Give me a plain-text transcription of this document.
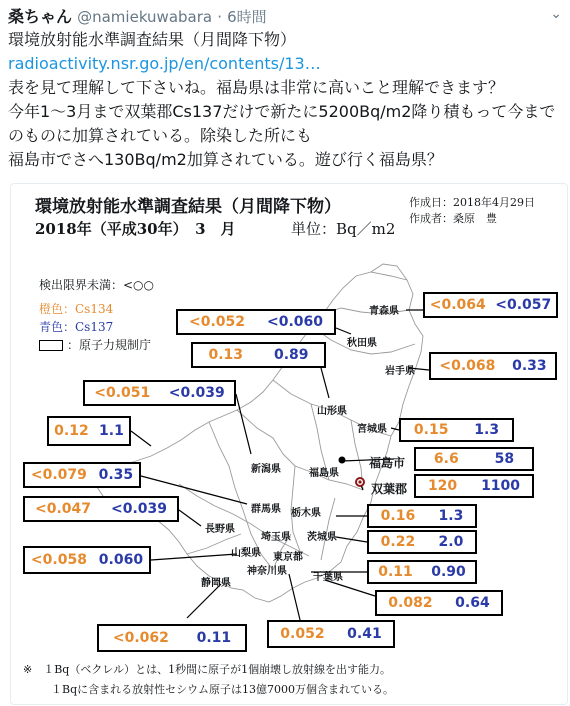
桑ちゃん @namiekuwabara · 6時間	⌄

環境放射能水準調査結果（月間降下物） radioactivity.nsr.go.jp/en/contents/13…

表を見て理解して下さいね。福島県は非常に高いこと理解できます？

今年1～3月まで双葉郡Cs137だけで新たに5200Bq/m2降り積もって今までのものに加算されている。除染した所にも

福島市でさへ130Bq/m2加算されている。遊び行く福島県？

環境放射能水準調査結果（月間降下物）
2018年（平成30年）　3　月	単位：Bq／m2
作成日：2018年4月29日
作成者：桑原　豊
検出限界未満：<○○
橙色：Cs134
青色：Cs137
：原子力規制庁
青森県
秋田県
岩手県
山形県
宮城県
新潟県	福島県
福島市
双葉郡
群馬県 栃木県
長野県
埼玉県 茨城県
山梨県 東京都
神奈川県
千葉県
静岡県
<0.064 <0.057
<0.052 <0.060
0.13 0.89
<0.068 0.33
<0.051 <0.039
0.15 1.3
0.12 1.1
6.6	58
120 1100
<0.079 0.35
<0.047 <0.039	0.16 1.3
0.22 2.0
<0.058 0.060
0.11 0.90
0.082 0.64
<0.062 0.11	0.052 0.41
※　１Bq（ベクレル）とは、1秒間に原子が1個崩壊し放射線を出す能力。
１Bqに含まれる放射性セシウム原子は13億7000万個含まれている。
